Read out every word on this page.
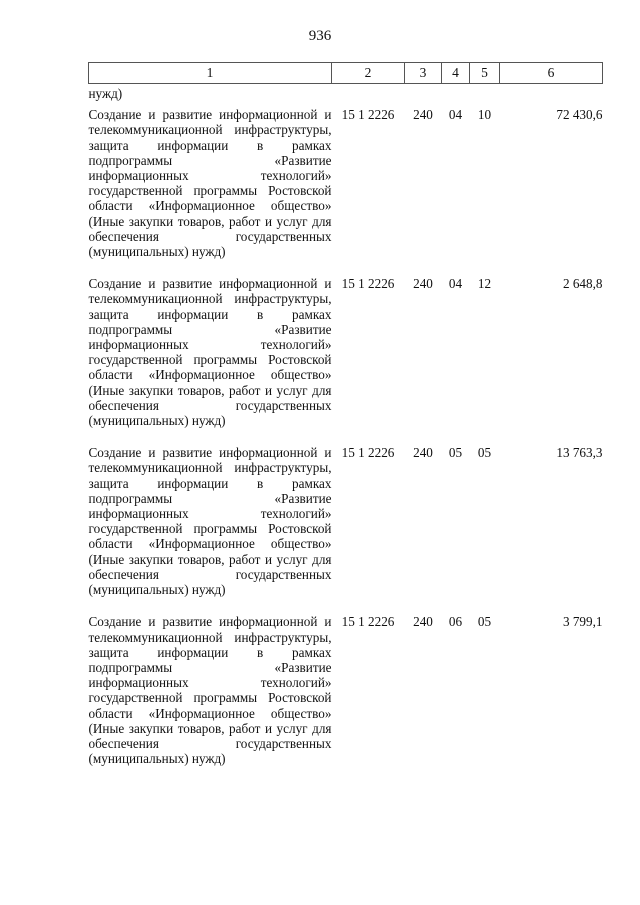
936
1	2	3	4	5	6
нужд)					
Создание и развитие информационной и телекоммуникационной инфраструктуры, защита информации в рамках подпрограммы «Развитие информационных технологий» государственной программы Ростовской области «Информационное общество» (Иные закупки товаров, работ и услуг для обеспечения государственных (муниципальных) нужд)	15 1 2226	240	04	10	72 430,6
Создание и развитие информационной и телекоммуникационной инфраструктуры, защита информации в рамках подпрограммы «Развитие информационных технологий» государственной программы Ростовской области «Информационное общество» (Иные закупки товаров, работ и услуг для обеспечения государственных (муниципальных) нужд)	15 1 2226	240	04	12	2 648,8
Создание и развитие информационной и телекоммуникационной инфраструктуры, защита информации в рамках подпрограммы «Развитие информационных технологий» государственной программы Ростовской области «Информационное общество» (Иные закупки товаров, работ и услуг для обеспечения государственных (муниципальных) нужд)	15 1 2226	240	05	05	13 763,3
Создание и развитие информационной и телекоммуникационной инфраструктуры, защита информации в рамках подпрограммы «Развитие информационных технологий» государственной программы Ростовской области «Информационное общество» (Иные закупки товаров, работ и услуг для обеспечения государственных (муниципальных) нужд)	15 1 2226	240	06	05	3 799,1
